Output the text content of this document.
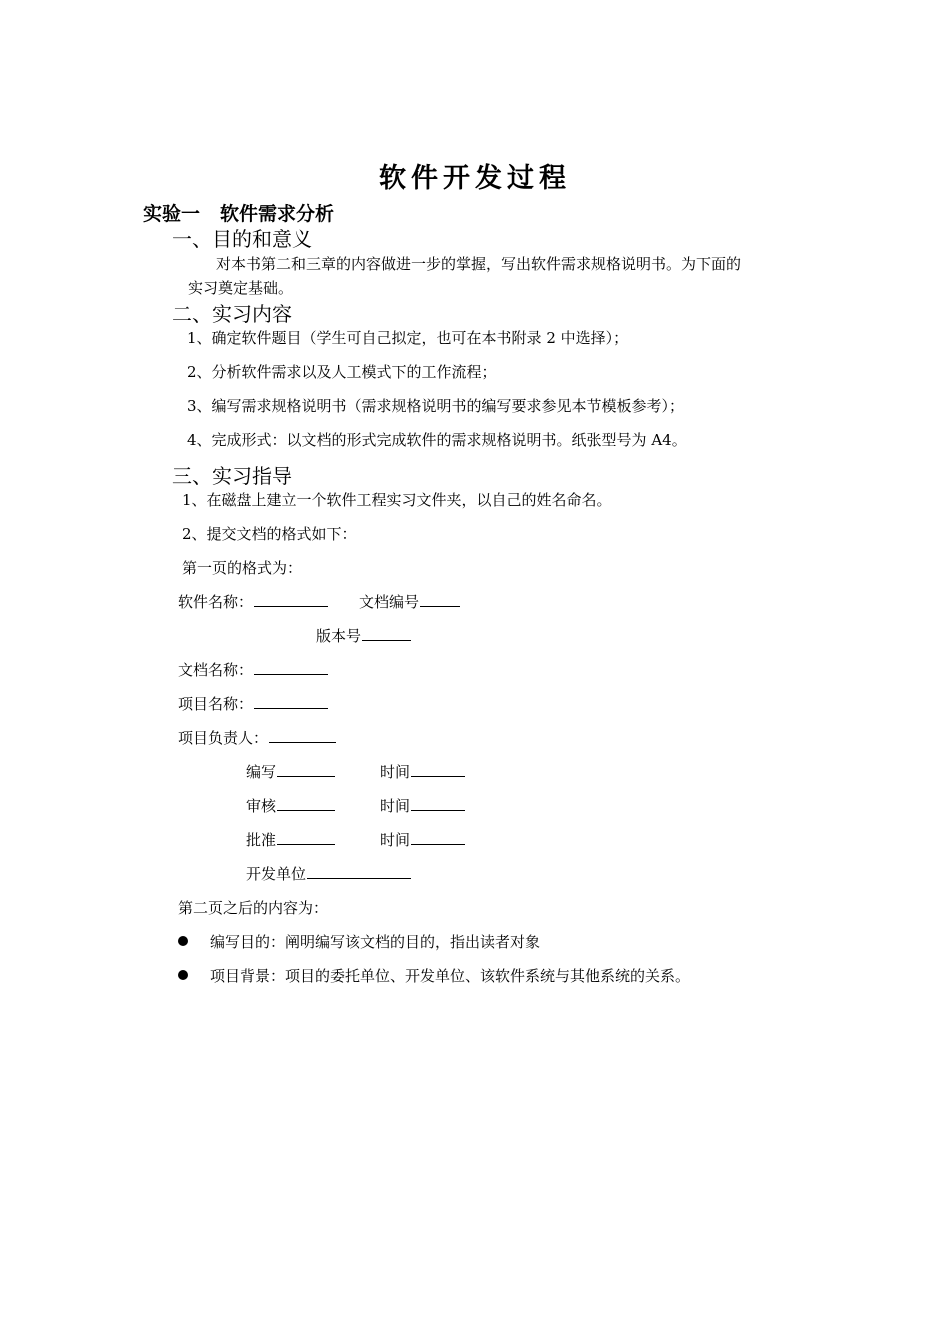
软件开发过程
实验一 软件需求分析
一、目的和意义
对本书第二和三章的内容做进一步的掌握，写出软件需求规格说明书。为下面的
实习奠定基础。
二、实习内容
1、确定软件题目（学生可自己拟定，也可在本书附录 2 中选择）；
2、分析软件需求以及人工模式下的工作流程；
3、编写需求规格说明书（需求规格说明书的编写要求参见本节模板参考）；
4、完成形式：以文档的形式完成软件的需求规格说明书。纸张型号为 A4。
三、实习指导
1、在磁盘上建立一个软件工程实习文件夹，以自己的姓名命名。
2、提交文档的格式如下：
第一页的格式为：
软件名称：	文档编号
版本号
文档名称：
项目名称：
项目负责人：
编写	时间
审核	时间
批准	时间
开发单位
第二页之后的内容为：
编写目的：阐明编写该文档的目的，指出读者对象
项目背景：项目的委托单位、开发单位、该软件系统与其他系统的关系。
